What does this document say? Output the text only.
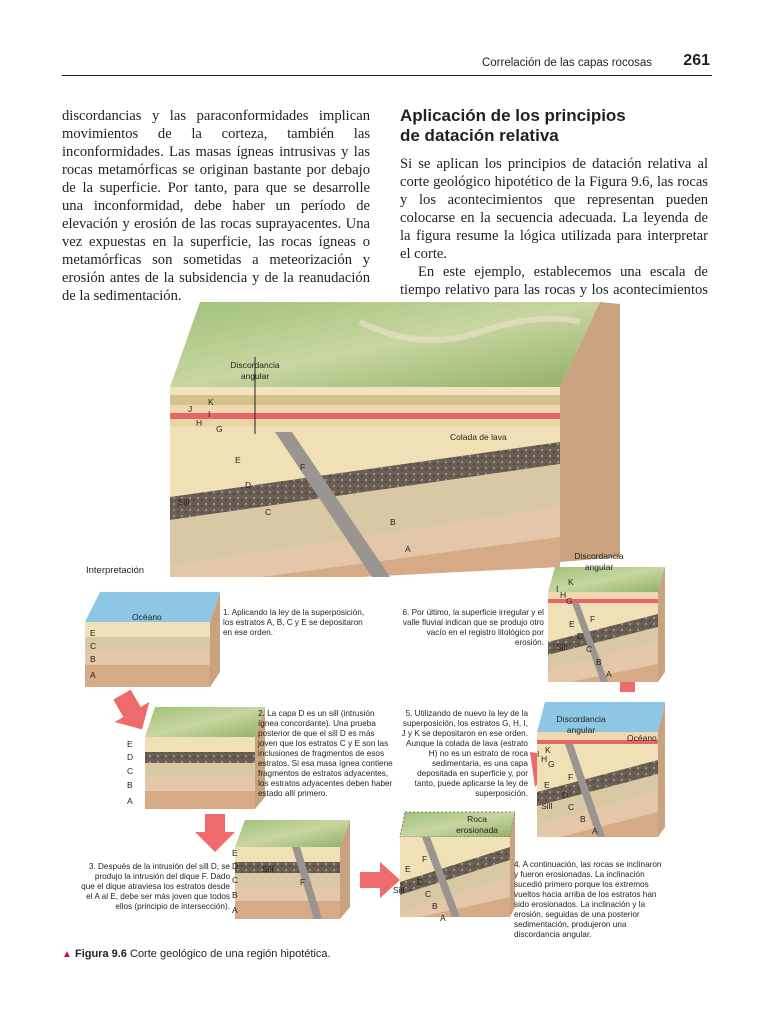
Correlación de las capas rocosas 261

discordancias y las paraconformidades implican movimientos de la corteza, también las inconformidades. Las masas ígneas intrusivas y las rocas metamórficas se originan bastante por debajo de la superficie. Por tanto, para que se desarrolle una inconformidad, debe haber un período de elevación y erosión de las rocas suprayacentes. Una vez expuestas en la superficie, las rocas ígneas o metamórficas son sometidas a meteorización y erosión antes de la subsidencia y de la reanudación de la sedimentación.

Aplicación de los principios
de datación relativa

Si se aplican los principios de datación relativa al corte geológico hipotético de la Figura 9.6, las rocas y los acontecimientos que representan pueden colocarse en la secuencia adecuada. La leyenda de la figura resume la lógica utilizada para interpretar el corte.

En este ejemplo, establecemos una escala de tiempo relativo para las rocas y los acontecimientos

Discordancia angular
K
J I
H
G
Colada de lava
E
F
D
Sill
C
B
A
Interpretación
Océano
E
C
B
A
1. Aplicando la ley de la superposición, los estratos A, B, C y E se depositaron en ese orden.
2. La capa D es un sill (intrusión ígnea concordante). Una prueba posterior de que el sill D es más joven que los estratos C y E son las inclusiones de fragmentos de esos estratos. Si esa masa ígnea contiene fragmentos de estratos adyacentes, los estratos adyacentes deben haber estado allí primero.
3. Después de la intrusión del sill D, se produjo la intrusión del dique F. Dado que el dique atraviesa los estratos desde el A al E, debe ser más joven que todos ellos (principio de intersección).
4. A continuación, las rocas se inclinaron y fueron erosionadas. La inclinación sucedió primero porque los extremos vueltos hacia arriba de los estratos han sido erosionados. La inclinación y la erosión, seguidas de una posterior sedimentación, produjeron una discordancia angular.
5. Utilizando de nuevo la ley de la superposición, los estratos G, H, I, J y K se depositaron en ese orden. Aunque la colada de lava (estrato H) no es un estrato de roca sedimentaria, es una capa depositada en superficie y, por tanto, puede aplicarse la ley de superposición.
6. Por último, la superficie irregular y el valle fluvial indican que se produjo otro vacío en el registro litológico por erosión.
E
D
C
B
A
E
D	Sill
C	F
B
A
Roca erosionada
E
F
D
Sill C
B
A
Discordancia angular
Océano
K
I H G
E
F
D
Sill C
B
A
Discordancia angular
K
I
H
G
E F
D
Sill C
B
A
▲ Figura 9.6 Corte geológico de una región hipotética.
